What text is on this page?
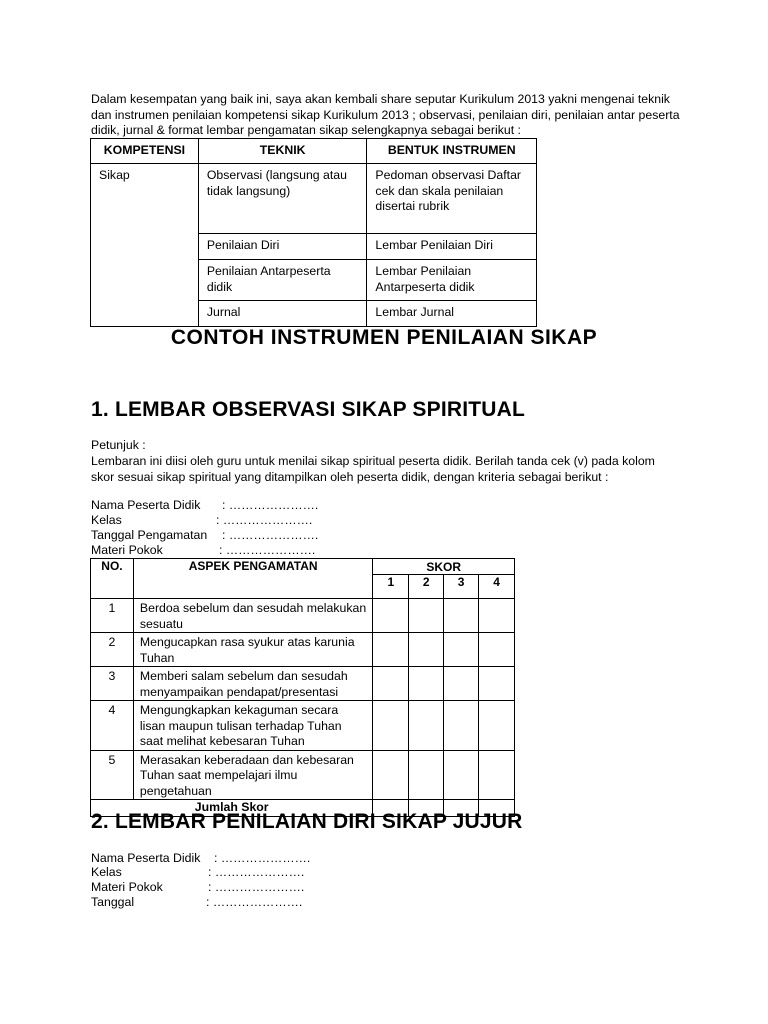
Dalam kesempatan yang baik ini, saya akan kembali share seputar Kurikulum 2013 yakni mengenai teknik dan instrumen penilaian kompetensi sikap Kurikulum 2013 ; observasi, penilaian diri, penilaian antar peserta didik, jurnal & format lembar pengamatan sikap selengkapnya sebagai berikut :
KOMPETENSI	TEKNIK	BENTUK INSTRUMEN
Sikap	Observasi (langsung atau tidak langsung)	Pedoman observasi Daftar cek dan skala penilaian disertai rubrik
	Penilaian Diri	Lembar Penilaian Diri
	Penilaian Antarpeserta didik	Lembar Penilaian Antarpeserta didik
	Jurnal	Lembar Jurnal
CONTOH INSTRUMEN PENILAIAN SIKAP
1. LEMBAR OBSERVASI SIKAP SPIRITUAL
Petunjuk :
Lembaran ini diisi oleh guru untuk menilai sikap spiritual peserta didik. Berilah tanda cek (v) pada kolom skor sesuai sikap spiritual yang ditampilkan oleh peserta didik, dengan kriteria sebagai berikut :
Nama Peserta Didik : ………………….
Kelas	: ………………….
Tanggal Pengamatan : ………………….
Materi Pokok	: ………………….
NO.	ASPEK PENGAMATAN	SKOR			
		1	2	3	4
1	Berdoa sebelum dan sesudah melakukan sesuatu				
2	Mengucapkan rasa syukur atas karunia Tuhan				
3	Memberi salam sebelum dan sesudah menyampaikan pendapat/presentasi				
4	Mengungkapkan kekaguman secara lisan maupun tulisan terhadap Tuhan saat melihat kebesaran Tuhan				
5	Merasakan keberadaan dan kebesaran Tuhan saat mempelajari ilmu pengetahuan				
Jumlah Skor					
2. LEMBAR PENILAIAN DIRI SIKAP JUJUR
Nama Peserta Didik : ………………….
Kelas	: ………………….
Materi Pokok	: ………………….
Tanggal	: ………………….
